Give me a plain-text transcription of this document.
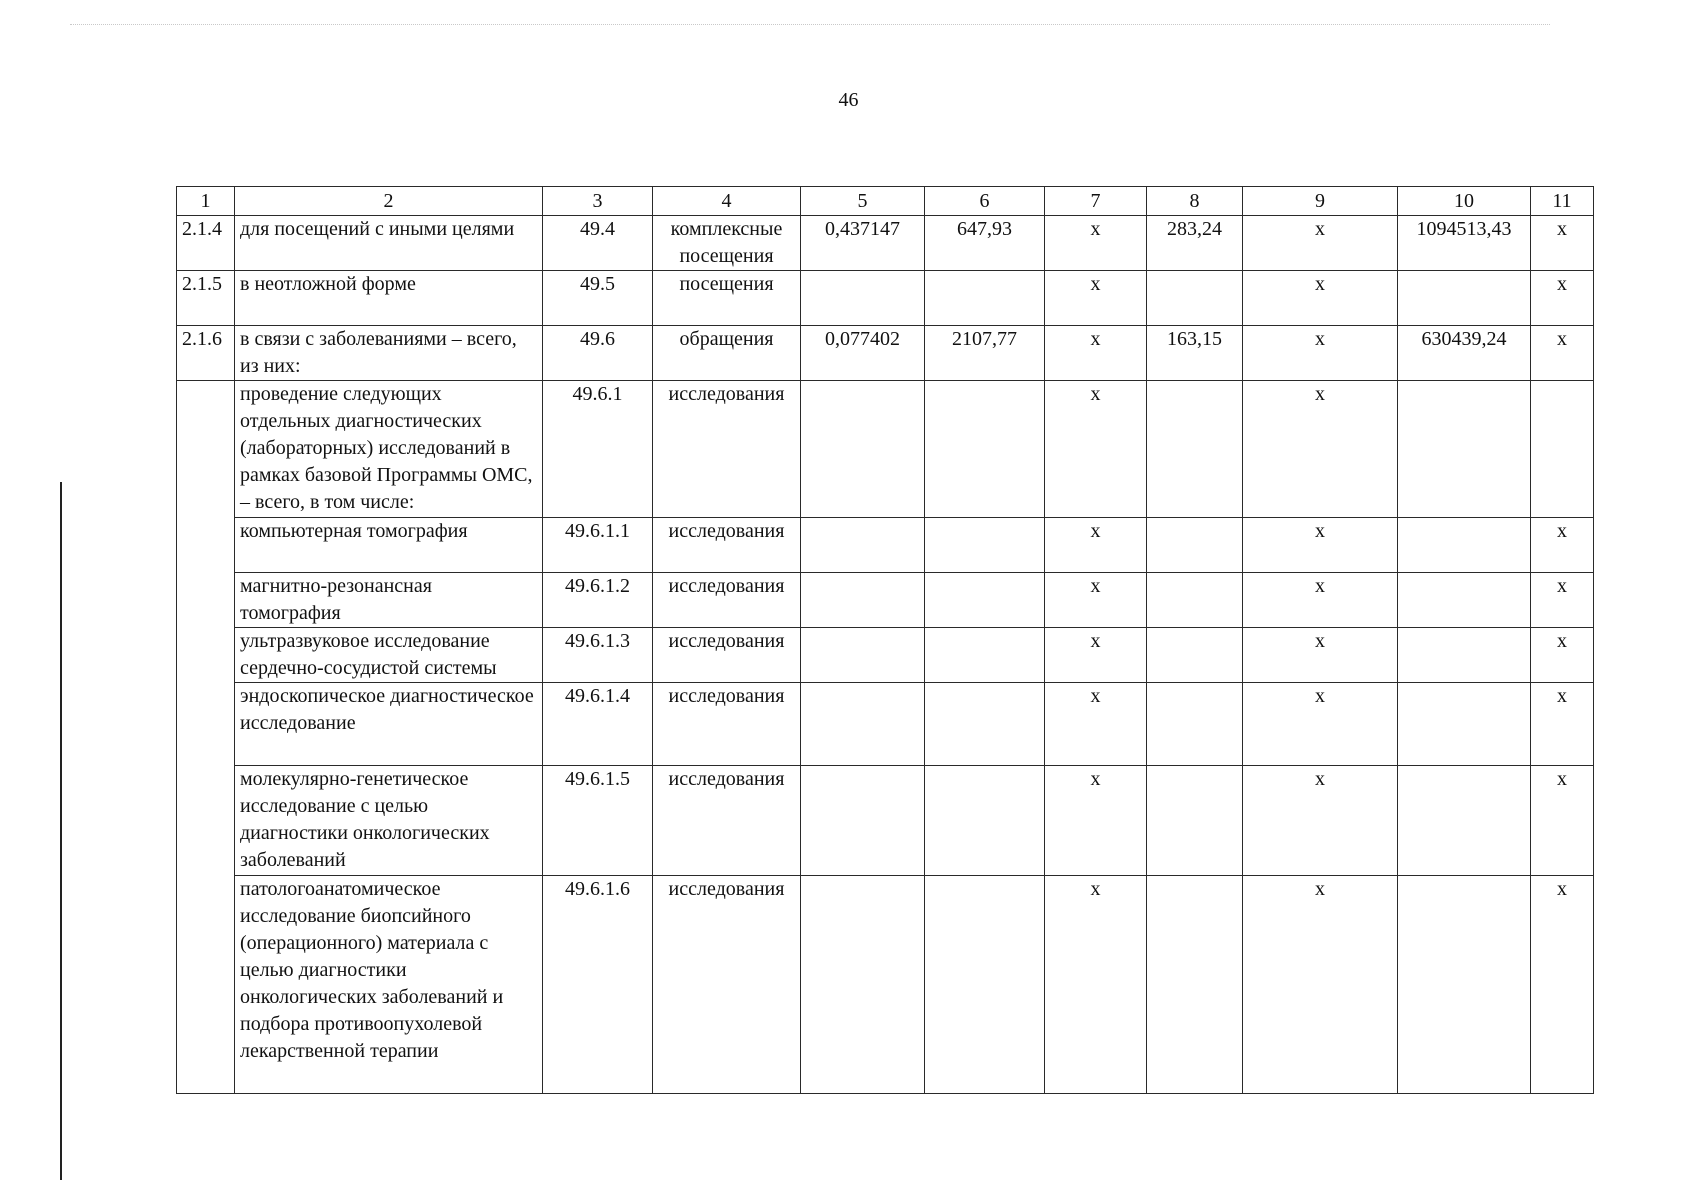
46
1	2	3	4	5	6	7	8	9	10	11
2.1.4	для посещений с иными целями	49.4	комплексные посещения	0,437147	647,93	х	283,24	х	1094513,43	х
2.1.5	в неотложной форме	49.5	посещения			х		х		х
2.1.6	в связи с заболеваниями – всего, из них:	49.6	обращения	0,077402	2107,77	х	163,15	х	630439,24	х
	проведение следующих отдельных диагностических (лабораторных) исследований в рамках базовой Программы ОМС, – всего, в том числе:	49.6.1	исследования			х		х		
	компьютерная томография	49.6.1.1	исследования			х		х		х
	магнитно-резонансная томография	49.6.1.2	исследования			х		х		х
	ультразвуковое исследование сердечно-сосудистой системы	49.6.1.3	исследования			х		х		х
	эндоскопическое диагностическое исследование	49.6.1.4	исследования			х		х		х
	молекулярно-генетическое исследование с целью диагностики онкологических заболеваний	49.6.1.5	исследования			х		х		х
	патологоанатомическое исследование биопсийного (операционного) материала с целью диагностики онкологических заболеваний и подбора противоопухолевой лекарственной терапии	49.6.1.6	исследования			х		х		х
